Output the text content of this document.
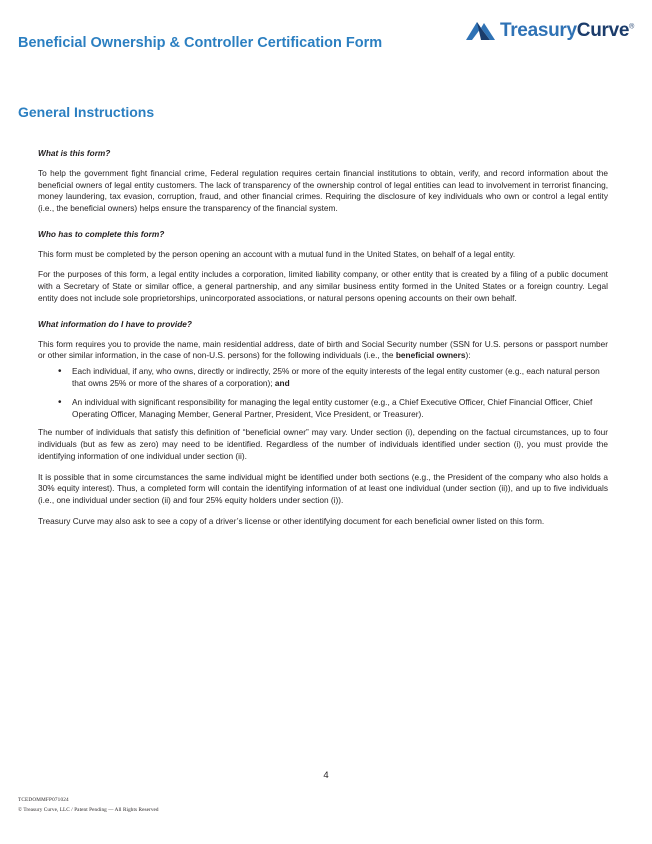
TreasuryCurve®
Beneficial Ownership & Controller Certification Form
General Instructions
What is this form?

To help the government fight financial crime, Federal regulation requires certain financial institutions to obtain, verify, and record information about the beneficial owners of legal entity customers. The lack of transparency of the ownership control of legal entities can lead to involvement in terrorist financing, money laundering, tax evasion, corruption, fraud, and other financial crimes. Requiring the disclosure of key individuals who own or control a legal entity (i.e., the beneficial owners) helps ensure the transparency of the financial system.

Who has to complete this form?

This form must be completed by the person opening an account with a mutual fund in the United States, on behalf of a legal entity.

For the purposes of this form, a legal entity includes a corporation, limited liability company, or other entity that is created by a filing of a public document with a Secretary of State or similar office, a general partnership, and any similar business entity formed in the United States or a foreign country. Legal entity does not include sole proprietorships, unincorporated associations, or natural persons opening accounts on their own behalf.

What information do I have to provide?

This form requires you to provide the name, main residential address, date of birth and Social Security number (SSN for U.S. persons or passport number or other similar information, in the case of non-U.S. persons) for the following individuals (i.e., the beneficial owners):

• Each individual, if any, who owns, directly or indirectly, 25% or more of the equity interests of the legal entity customer (e.g., each natural person that owns 25% or more of the shares of a corporation); and
• An individual with significant responsibility for managing the legal entity customer (e.g., a Chief Executive Officer, Chief Financial Officer, Chief Operating Officer, Managing Member, General Partner, President, Vice President, or Treasurer).

The number of individuals that satisfy this definition of “beneficial owner” may vary. Under section (i), depending on the factual circumstances, up to four individuals (but as few as zero) may need to be identified. Regardless of the number of individuals identified under section (i), you must provide the identifying information of one individual under section (ii).

It is possible that in some circumstances the same individual might be identified under both sections (e.g., the President of the company who also holds a 30% equity interest). Thus, a completed form will contain the identifying information of at least one individual (under section (ii)), and up to five individuals (i.e., one individual under section (ii) and four 25% equity holders under section (i)).

Treasury Curve may also ask to see a copy of a driver’s license or other identifying document for each beneficial owner listed on this form.

4
TCEDOMMFP071024
© Treasury Curve, LLC / Patent Pending — All Rights Reserved
